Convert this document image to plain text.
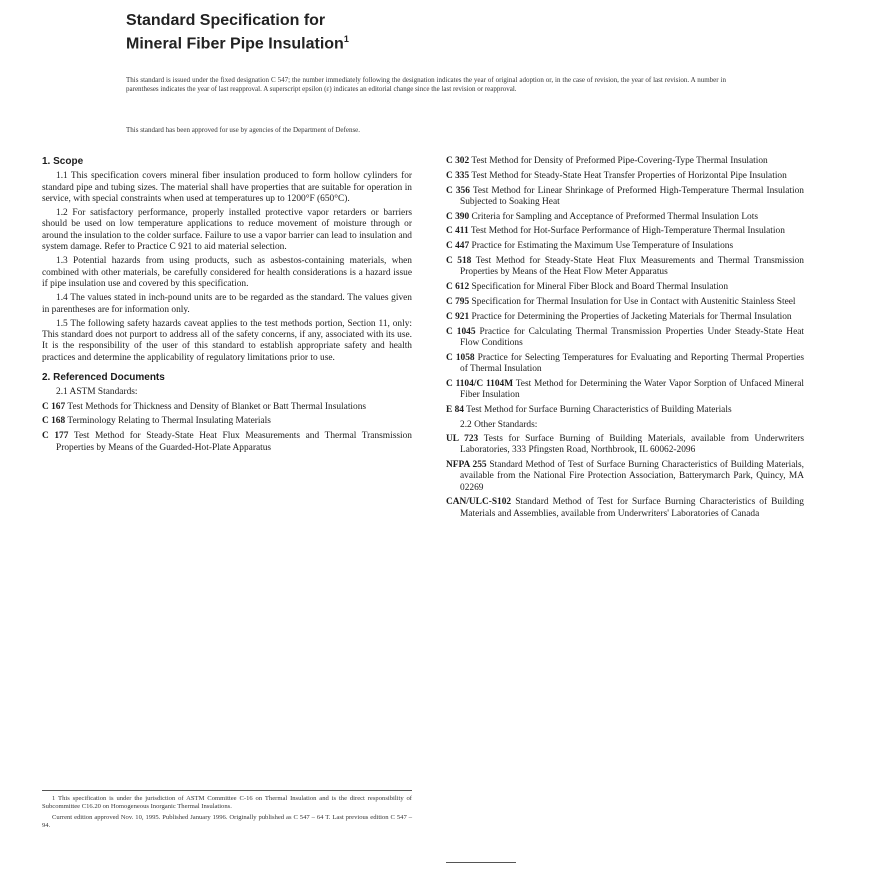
Standard Specification for
Mineral Fiber Pipe Insulation$^1$
This standard is issued under the fixed designation C 547; the number immediately following the designation indicates the year of original adoption or, in the case of revision, the year of last revision. A number in parentheses indicates the year of last reapproval. A superscript epsilon (ε) indicates an editorial change since the last revision or reapproval.
This standard has been approved for use by agencies of the Department of Defense.
1. Scope

1.1 This specification covers mineral fiber insulation produced to form hollow cylinders for standard pipe and tubing sizes. The material shall have properties that are suitable for operation in service, with special constraints when used at temperatures up to 1200°F (650°C).

1.2 For satisfactory performance, properly installed protective vapor retarders or barriers should be used on low temperature applications to reduce movement of moisture through or around the insulation to the colder surface. Failure to use a vapor barrier can lead to insulation and system damage. Refer to Practice C 921 to aid material selection.

1.3 Potential hazards from using products, such as asbestos-containing materials, when combined with other materials, be carefully considered for health considerations is a hazard issue if pipe insulation use and covered by this specification.

1.4 The values stated in inch-pound units are to be regarded as the standard. The values given in parentheses are for information only.

1.5 The following safety hazards caveat applies to the test methods portion, Section 11, only: This standard does not purport to address all of the safety concerns, if any, associated with its use. It is the responsibility of the user of this standard to establish appropriate safety and health practices and determine the applicability of regulatory limitations prior to use.

2. Referenced Documents
2.1 ASTM Standards:
C 167 Test Methods for Thickness and Density of Blanket or Batt Thermal Insulations
C 168 Terminology Relating to Thermal Insulating Materials
C 177 Test Method for Steady-State Heat Flux Measurements and Thermal Transmission Properties by Means of the Guarded-Hot-Plate Apparatus

1 This specification is under the jurisdiction of ASTM Committee C-16 on Thermal Insulation and is the direct responsibility of Subcommittee C16.20 on Homogeneous Inorganic Thermal Insulations.

Current edition approved Nov. 10, 1995. Published January 1996. Originally published as C 547 – 64 T. Last previous edition C 547 – 94.

C 302 Test Method for Density of Preformed Pipe-Covering-Type Thermal Insulation
C 335 Test Method for Steady-State Heat Transfer Properties of Horizontal Pipe Insulation
C 356 Test Method for Linear Shrinkage of Preformed High-Temperature Thermal Insulation Subjected to Soaking Heat
C 390 Criteria for Sampling and Acceptance of Preformed Thermal Insulation Lots
C 411 Test Method for Hot-Surface Performance of High-Temperature Thermal Insulation
C 447 Practice for Estimating the Maximum Use Temperature of Insulations
C 518 Test Method for Steady-State Heat Flux Measurements and Thermal Transmission Properties by Means of the Heat Flow Meter Apparatus
C 612 Specification for Mineral Fiber Block and Board Thermal Insulation
C 795 Specification for Thermal Insulation for Use in Contact with Austenitic Stainless Steel
C 921 Practice for Determining the Properties of Jacketing Materials for Thermal Insulation
C 1045 Practice for Calculating Thermal Transmission Properties Under Steady-State Heat Flow Conditions
C 1058 Practice for Selecting Temperatures for Evaluating and Reporting Thermal Properties of Thermal Insulation
C 1104/C 1104M Test Method for Determining the Water Vapor Sorption of Unfaced Mineral Fiber Insulation
E 84 Test Method for Surface Burning Characteristics of Building Materials
2.2 Other Standards:
UL 723 Tests for Surface Burning of Building Materials, available from Underwriters Laboratories, 333 Pfingsten Road, Northbrook, IL 60062-2096
NFPA 255 Standard Method of Test of Surface Burning Characteristics of Building Materials, available from the National Fire Protection Association, Batterymarch Park, Quincy, MA 02269
CAN/ULC-S102 Standard Method of Test for Surface Burning Characteristics of Building Materials and Assemblies, available from Underwriters' Laboratories of Canada
